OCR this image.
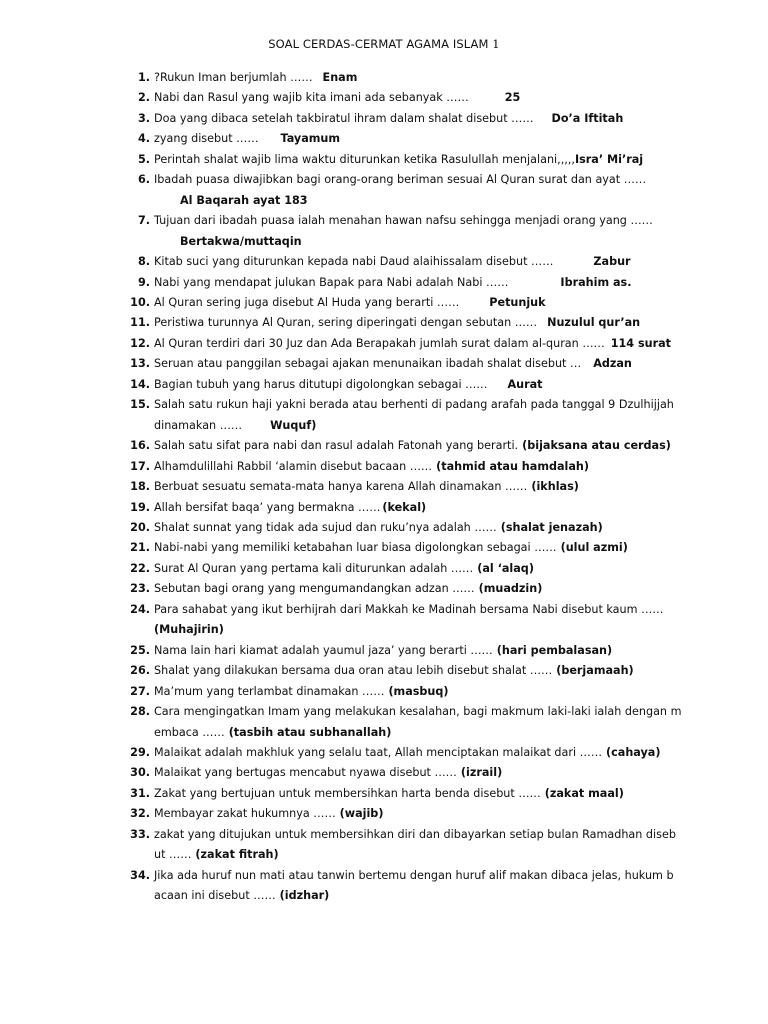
SOAL CERDAS-CERMAT AGAMA ISLAM 1
1. ?Rukun Iman berjumlah …… Enam
2. Nabi dan Rasul yang wajib kita imani ada sebanyak ……	25
3. Doa yang dibaca setelah takbiratul ihram dalam shalat disebut …… Do’a Iftitah
4. zyang disebut …… Tayamum
5. Perintah shalat wajib lima waktu diturunkan ketika Rasulullah menjalani,,,,,Isra’ Mi’raj
6. Ibadah puasa diwajibkan bagi orang-orang beriman sesuai Al Quran surat dan ayat ……
Al Baqarah ayat 183
7. Tujuan dari ibadah puasa ialah menahan hawan nafsu sehingga menjadi orang yang ……
Bertakwa/muttaqin
8. Kitab suci yang diturunkan kepada nabi Daud alaihissalam disebut ……	Zabur
9. Nabi yang mendapat julukan Bapak para Nabi adalah Nabi ……	Ibrahim as.
10. Al Quran sering juga disebut Al Huda yang berarti ……	Petunjuk
11. Peristiwa turunnya Al Quran, sering diperingati dengan sebutan …… Nuzulul qur’an
12. Al Quran terdiri dari 30 Juz dan Ada Berapakah jumlah surat dalam al-quran …… 114 surat
13. Seruan atau panggilan sebagai ajakan menunaikan ibadah shalat disebut … Adzan
14. Bagian tubuh yang harus ditutupi digolongkan sebagai …… Aurat
15. Salah satu rukun haji yakni berada atau berhenti di padang arafah pada tanggal 9 Dzulhijjah
dinamakan ……	Wuquf)
16. Salah satu sifat para nabi dan rasul adalah Fatonah yang berarti. (bijaksana atau cerdas)
17. Alhamdulillahi Rabbil ‘alamin disebut bacaan …… (tahmid atau hamdalah)
18. Berbuat sesuatu semata-mata hanya karena Allah dinamakan …… (ikhlas)
19. Allah bersifat baqa’ yang bermakna …… (kekal)
20. Shalat sunnat yang tidak ada sujud dan ruku’nya adalah …… (shalat jenazah)
21. Nabi-nabi yang memiliki ketabahan luar biasa digolongkan sebagai …… (ulul azmi)
22. Surat Al Quran yang pertama kali diturunkan adalah …… (al ‘alaq)
23. Sebutan bagi orang yang mengumandangkan adzan …… (muadzin)
24. Para sahabat yang ikut berhijrah dari Makkah ke Madinah bersama Nabi disebut kaum ……
(Muhajirin)
25. Nama lain hari kiamat adalah yaumul jaza’ yang berarti …… (hari pembalasan)
26. Shalat yang dilakukan bersama dua oran atau lebih disebut shalat …… (berjamaah)
27. Ma’mum yang terlambat dinamakan …… (masbuq)
28. Cara mengingatkan Imam yang melakukan kesalahan, bagi makmum laki-laki ialah dengan m
embaca …… (tasbih atau subhanallah)
29. Malaikat adalah makhluk yang selalu taat, Allah menciptakan malaikat dari …… (cahaya)
30. Malaikat yang bertugas mencabut nyawa disebut …… (izrail)
31. Zakat yang bertujuan untuk membersihkan harta benda disebut …… (zakat maal)
32. Membayar zakat hukumnya …… (wajib)
33. zakat yang ditujukan untuk membersihkan diri dan dibayarkan setiap bulan Ramadhan diseb
ut …… (zakat fitrah)
34. Jika ada huruf nun mati atau tanwin bertemu dengan huruf alif makan dibaca jelas, hukum b
acaan ini disebut …… (idzhar)
